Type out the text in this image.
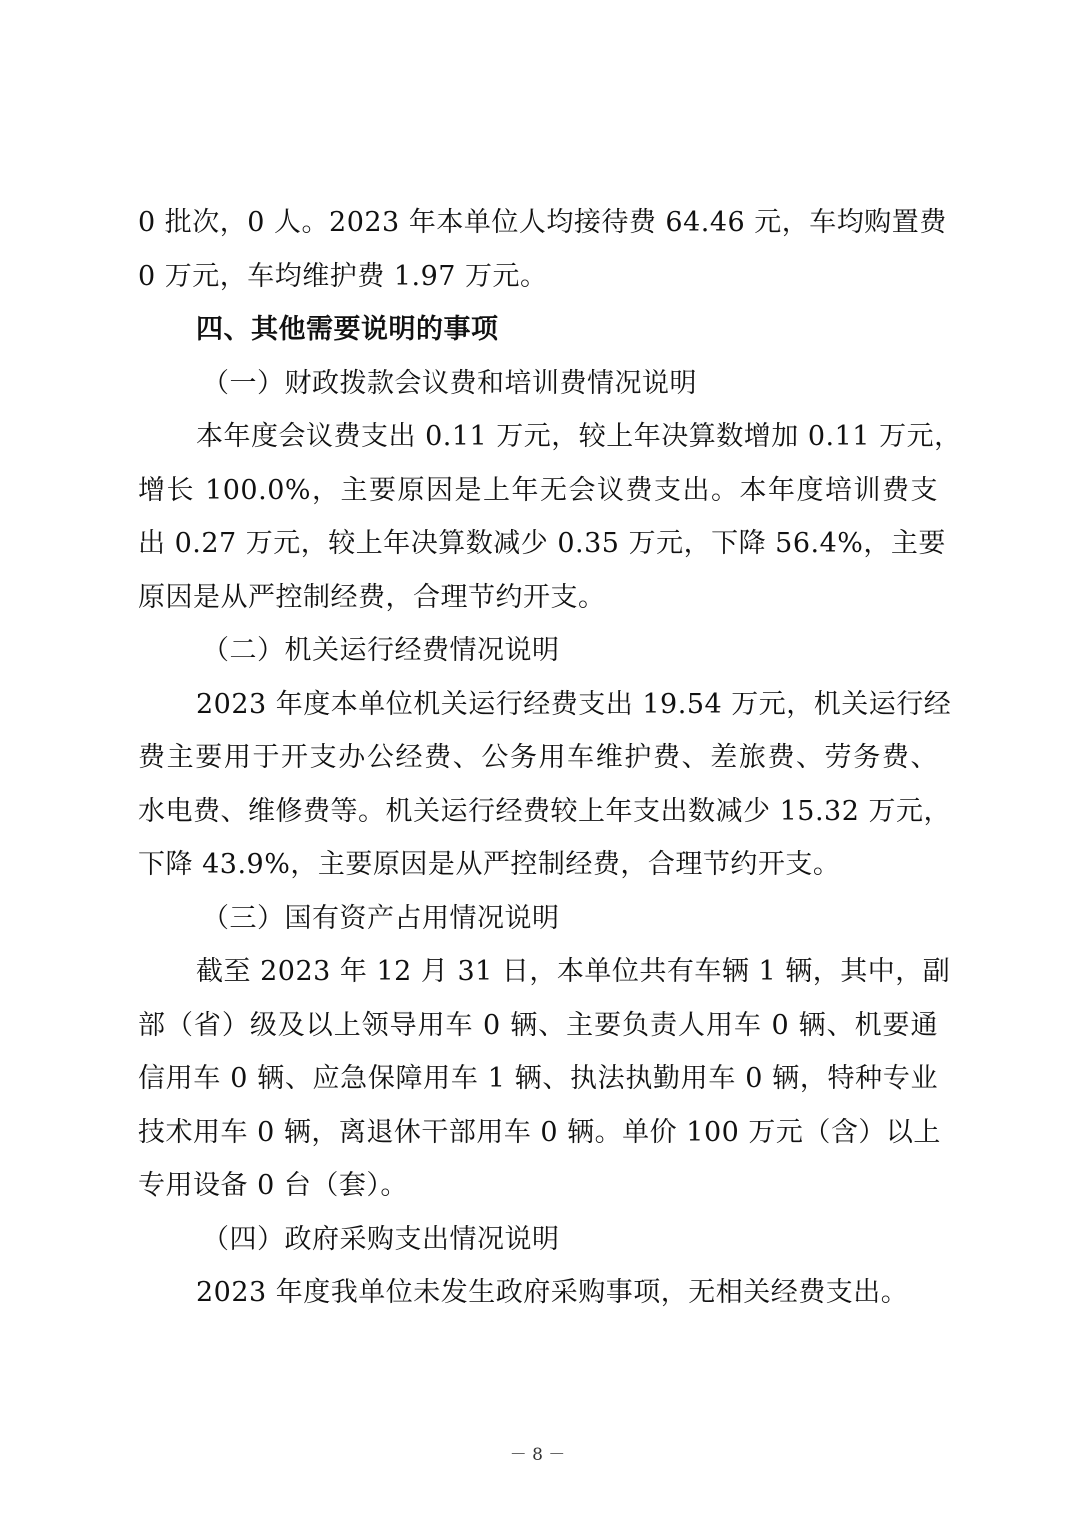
0 批次，0 人。2023 年本单位人均接待费 64.46 元，车均购置费
0 万元，车均维护费 1.97 万元。
四、其他需要说明的事项
（一）财政拨款会议费和培训费情况说明
本年度会议费支出 0.11 万元，较上年决算数增加 0.11 万元，
增长 100.0%，主要原因是上年无会议费支出。本年度培训费支
出 0.27 万元，较上年决算数减少 0.35 万元，下降 56.4%，主要
原因是从严控制经费，合理节约开支。
（二）机关运行经费情况说明
2023 年度本单位机关运行经费支出 19.54 万元，机关运行经
费主要用于开支办公经费、公务用车维护费、差旅费、劳务费、
水电费、维修费等。机关运行经费较上年支出数减少 15.32 万元，
下降 43.9%，主要原因是从严控制经费，合理节约开支。
（三）国有资产占用情况说明
截至 2023 年 12 月 31 日，本单位共有车辆 1 辆，其中，副
部（省）级及以上领导用车 0 辆、主要负责人用车 0 辆、机要通
信用车 0 辆、应急保障用车 1 辆、执法执勤用车 0 辆，特种专业
技术用车 0 辆，离退休干部用车 0 辆。单价 100 万元（含）以上
专用设备 0 台（套）。
（四）政府采购支出情况说明
2023 年度我单位未发生政府采购事项，无相关经费支出。
－ 8 －
